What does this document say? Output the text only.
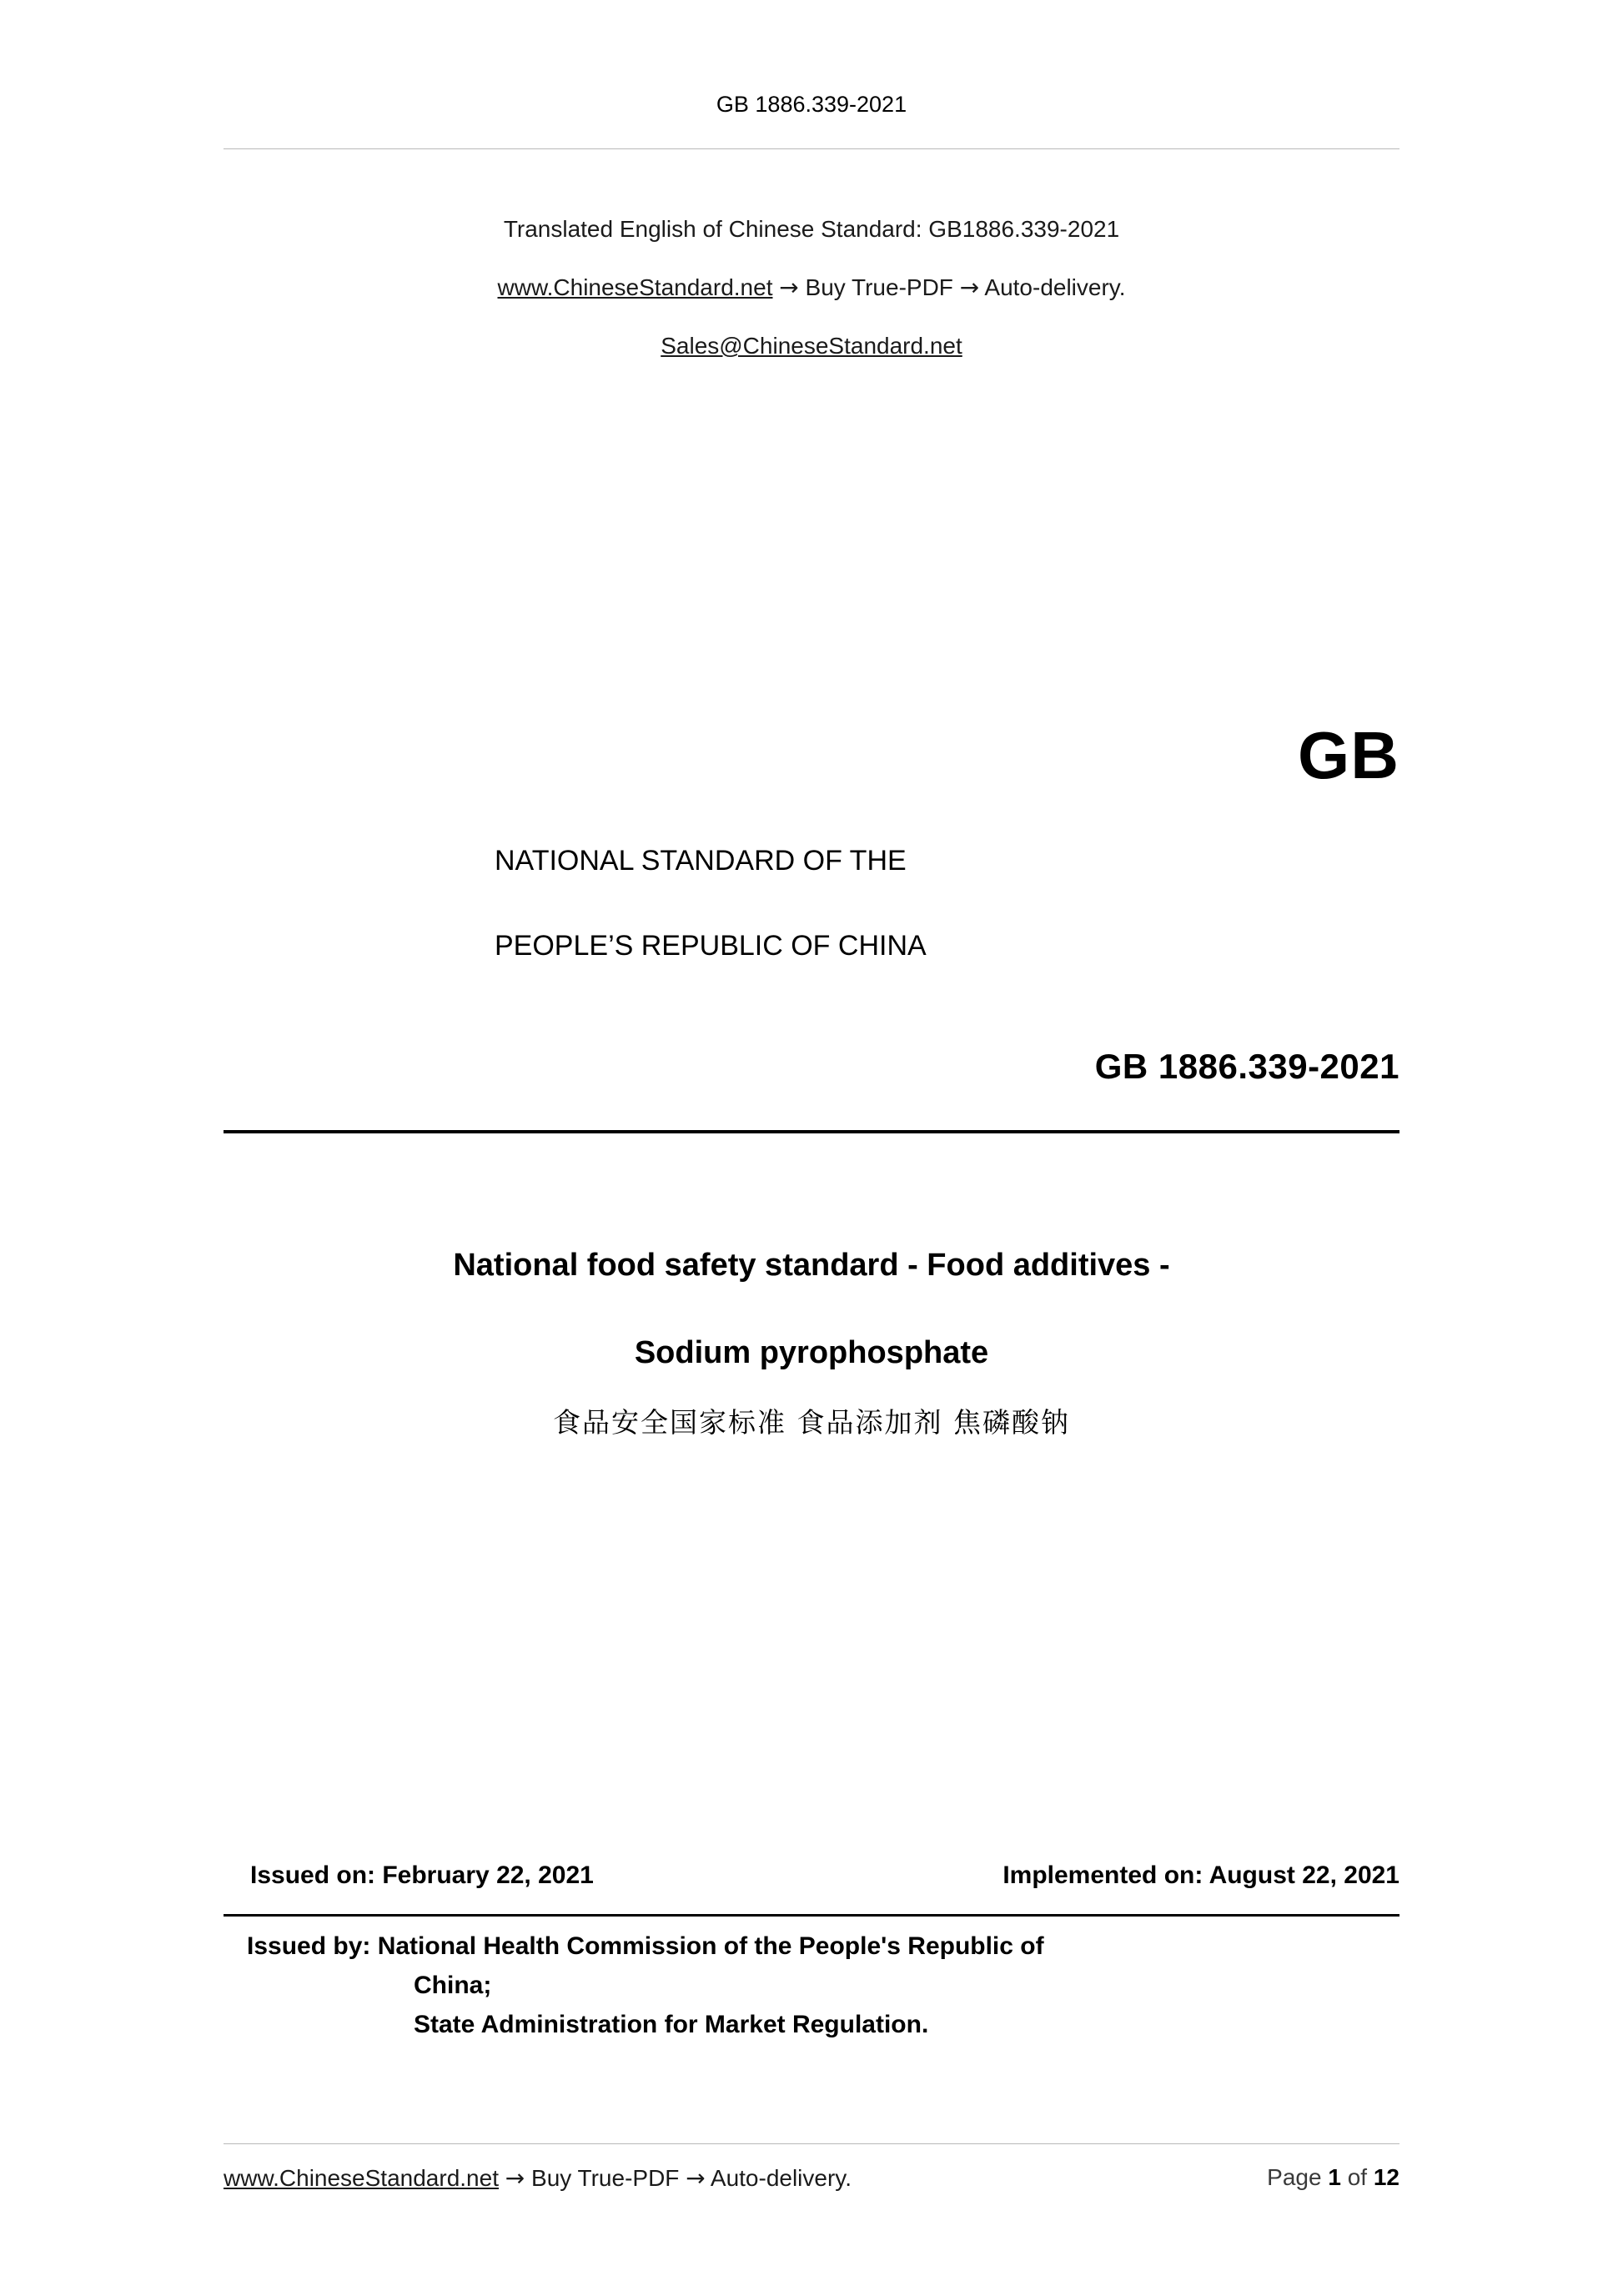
GB 1886.339-2021
Translated English of Chinese Standard: GB1886.339-2021
www.ChineseStandard.net → Buy True-PDF → Auto-delivery.
Sales@ChineseStandard.net
GB
NATIONAL STANDARD OF THE
PEOPLE’S REPUBLIC OF CHINA
GB 1886.339-2021
National food safety standard - Food additives -
Sodium pyrophosphate
食品安全国家标准 食品添加剂 焦磷酸钠
Issued on: February 22, 2021	Implemented on: August 22, 2021
Issued by: National Health Commission of the People's Republic of
China;
State Administration for Market Regulation.
www.ChineseStandard.net → Buy True-PDF → Auto-delivery.	Page 1 of 12
